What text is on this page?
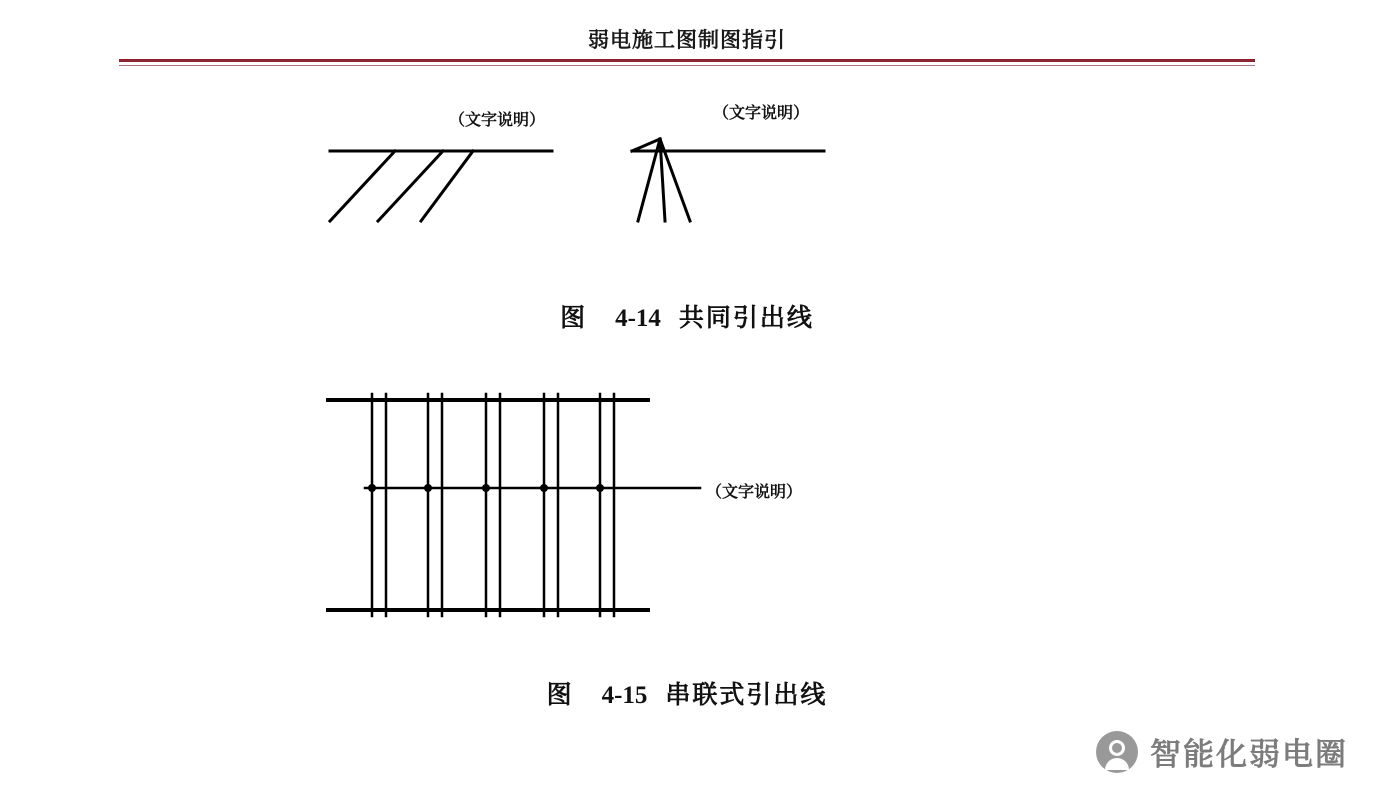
弱电施工图制图指引
（文字说明）	（文字说明）
图 4-14 共同引出线
（文字说明）
图 4-15 串联式引出线
智能化弱电圈
